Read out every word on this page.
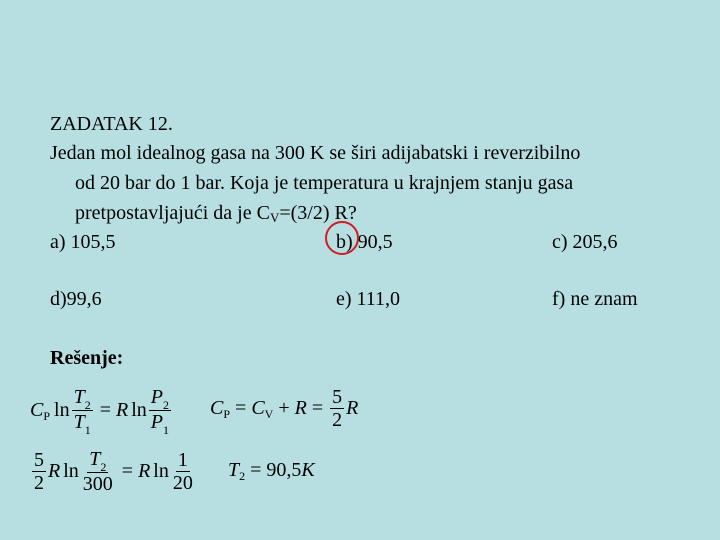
ZADATAK 12.
Jedan mol idealnog gasa na 300 K se širi adijabatski i reverzibilno
od 20 bar do 1 bar. Koja je temperatura u krajnjem stanju gasa
pretpostavljajući da je $C_V=(3/2)$ R?
a) 105,5	b) 90,5	c) 205,6
d)99,6	e) 111,0	f) ne znam
Rešenje:
C P $\ln \frac{T_2}{T_1} = R$ $\ln \frac{P_2}{P_1}$ C P = C $V + R = \frac{5}{2}$ R
$\frac{5}{2}$ R $\ln \frac{T_2}{300} = R$ $\ln \frac{1}{20}$ T 2 = 90,5 K
